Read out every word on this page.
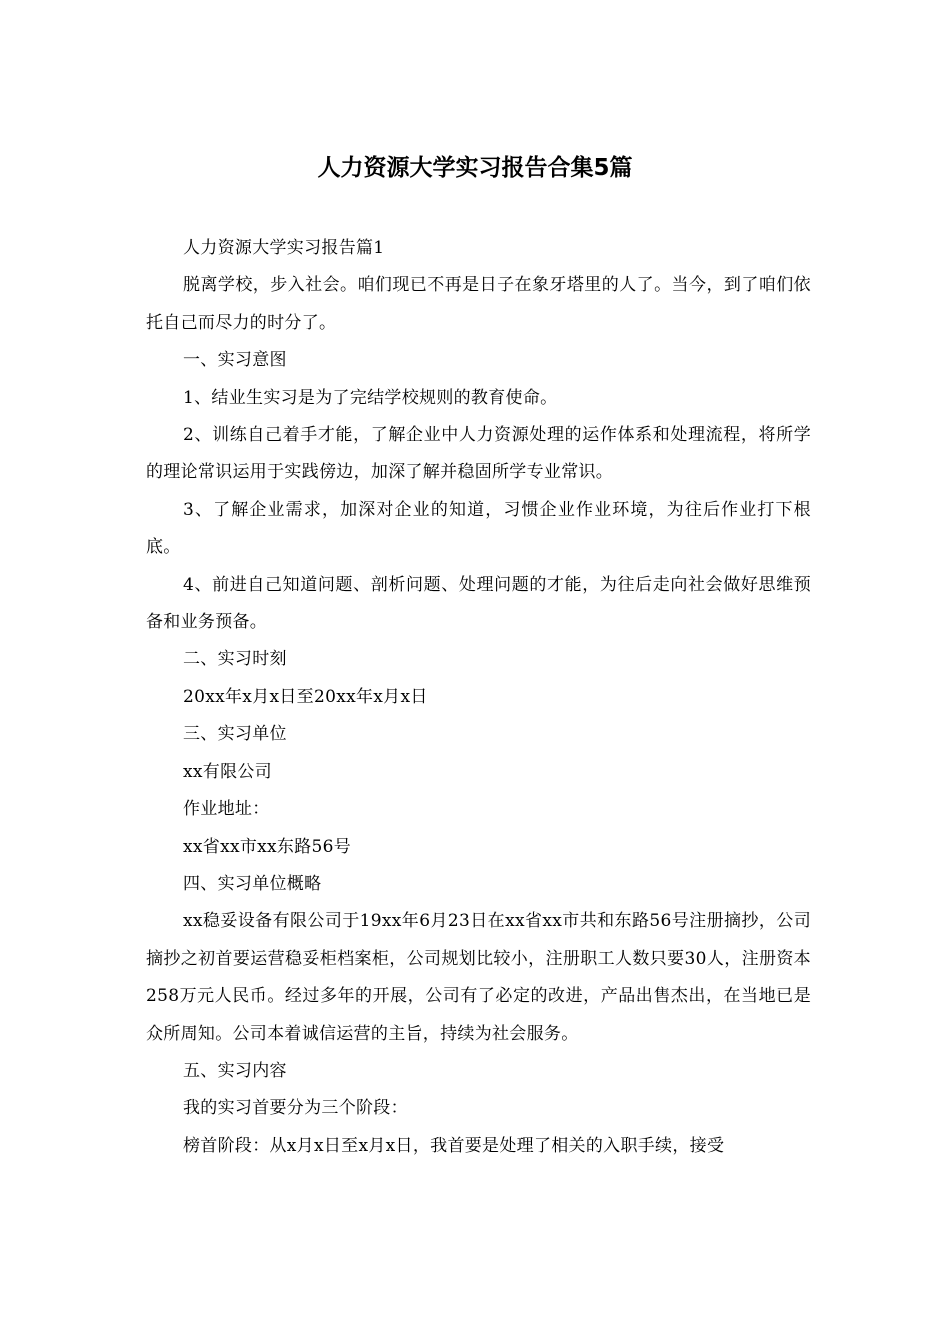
人力资源大学实习报告合集5篇

人力资源大学实习报告篇1

脱离学校，步入社会。咱们现已不再是日子在象牙塔里的人了。当今，到了咱们依托自己而尽力的时分了。

一、实习意图

1、结业生实习是为了完结学校规则的教育使命。

2、训练自己着手才能，了解企业中人力资源处理的运作体系和处理流程，将所学的理论常识运用于实践傍边，加深了解并稳固所学专业常识。

3、了解企业需求，加深对企业的知道，习惯企业作业环境，为往后作业打下根底。

4、前进自己知道问题、剖析问题、处理问题的才能，为往后走向社会做好思维预备和业务预备。

二、实习时刻

20xx年x月x日至20xx年x月x日

三、实习单位

xx有限公司

作业地址：

xx省xx市xx东路56号

四、实习单位概略

xx稳妥设备有限公司于19xx年6月23日在xx省xx市共和东路56号注册摘抄，公司摘抄之初首要运营稳妥柜档案柜，公司规划比较小，注册职工人数只要30人，注册资本258万元人民币。经过多年的开展，公司有了必定的改进，产品出售杰出，在当地已是众所周知。公司本着诚信运营的主旨，持续为社会服务。

五、实习内容

我的实习首要分为三个阶段：

榜首阶段：从x月x日至x月x日，我首要是处理了相关的入职手续，接受
